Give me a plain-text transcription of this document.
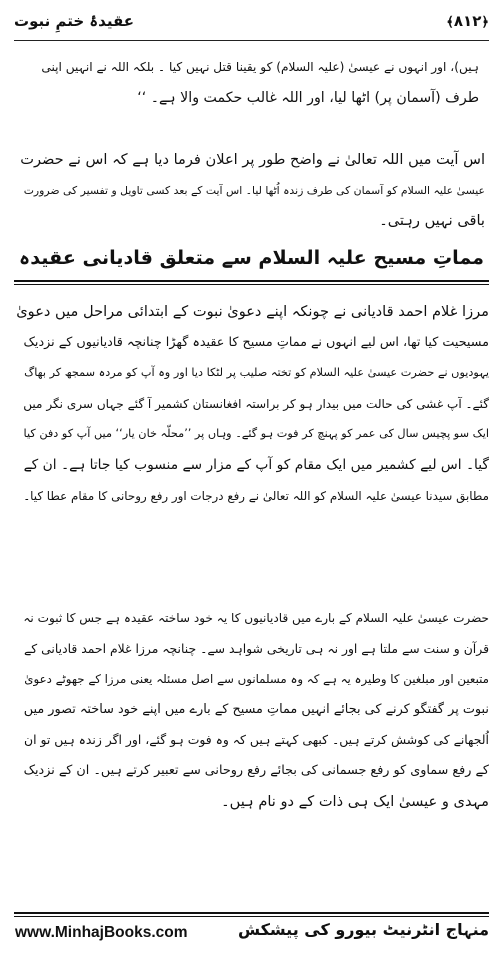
عقیدۂ ختمِ نبوت	﴿۸۱۲﴾
ہیں)، اور انہوں نے عیسیٰ (علیہ السلام) کو یقینا قتل نہیں کیا ‏‏‏‏۔ بلکہ اللہ نے انہیں اپنی
طرف (آسمان پر) اٹھا لیا، اور اللہ غالب حکمت والا ہے‏۔ ‘‘
اس آیت میں اللہ تعالیٰ نے واضح طور پر اعلان فرما دیا ہے کہ اس نے حضرت
عیسیٰ علیہ السلام کو آسمان کی طرف زندہ اُٹھا لیا۔ اس آیت کے بعد کسی تاویل و تفسیر کی ضرورت
باقی نہیں رہتی۔
مماتِ مسیح علیہ السلام سے متعلق قادیانی عقیدہ
مرزا غلام احمد قادیانی نے چونکہ اپنے دعویٰ نبوت کے ابتدائی مراحل میں دعویٰ
مسیحیت کیا تھا، اس لیے انہوں نے مماتِ مسیح کا عقیدہ گھڑا چنانچہ قادیانیوں کے نزدیک
یہودیوں نے حضرت عیسیٰ علیہ السلام کو تختہ صلیب پر لٹکا دیا اور وہ آپ کو مردہ سمجھ کر بھاگ
گئے۔ آپ غشی کی حالت میں بیدار ہو کر براستہ افغانستان کشمیر آ گئے جہاں سری نگر میں
ایک سو پچیس سال کی عمر کو پہنچ کر فوت ہو گئے۔ وہاں پر ’’محلّہ خان یار‘‘ میں آپ کو دفن کیا
گیا۔ اس لیے کشمیر میں ایک مقام کو آپ کے مزار سے منسوب کیا جاتا ہے۔ ان کے
مطابق سیدنا عیسیٰ علیہ السلام کو اللہ تعالیٰ نے رفع درجات اور رفع روحانی کا مقام عطا کیا۔
حضرت عیسیٰ علیہ السلام کے بارے میں قادیانیوں کا یہ خود ساختہ عقیدہ ہے جس کا ثبوت نہ
قرآن و سنت سے ملتا ہے اور نہ ہی تاریخی شواہد سے۔ چنانچہ مرزا غلام احمد قادیانی کے
متبعین اور مبلغین کا وطیرہ یہ ہے کہ وہ مسلمانوں سے اصل مسئلہ یعنی مرزا کے جھوٹے دعویٰ
نبوت پر گفتگو کرنے کی بجائے انہیں مماتِ مسیح کے بارے میں اپنے خود ساختہ تصور میں
اُلجھانے کی کوشش کرتے ہیں۔ کبھی کہتے ہیں کہ وہ فوت ہو گئے، اور اگر زندہ ہیں تو ان
کے رفع سماوی کو رفع جسمانی کی بجائے رفع روحانی سے تعبیر کرتے ہیں۔ ان کے نزدیک
مہدی و عیسیٰ ایک ہی ذات کے دو نام ہیں۔
www.MinhajBooks.com	منہاج انٹرنیٹ بیورو کی پیشکش
